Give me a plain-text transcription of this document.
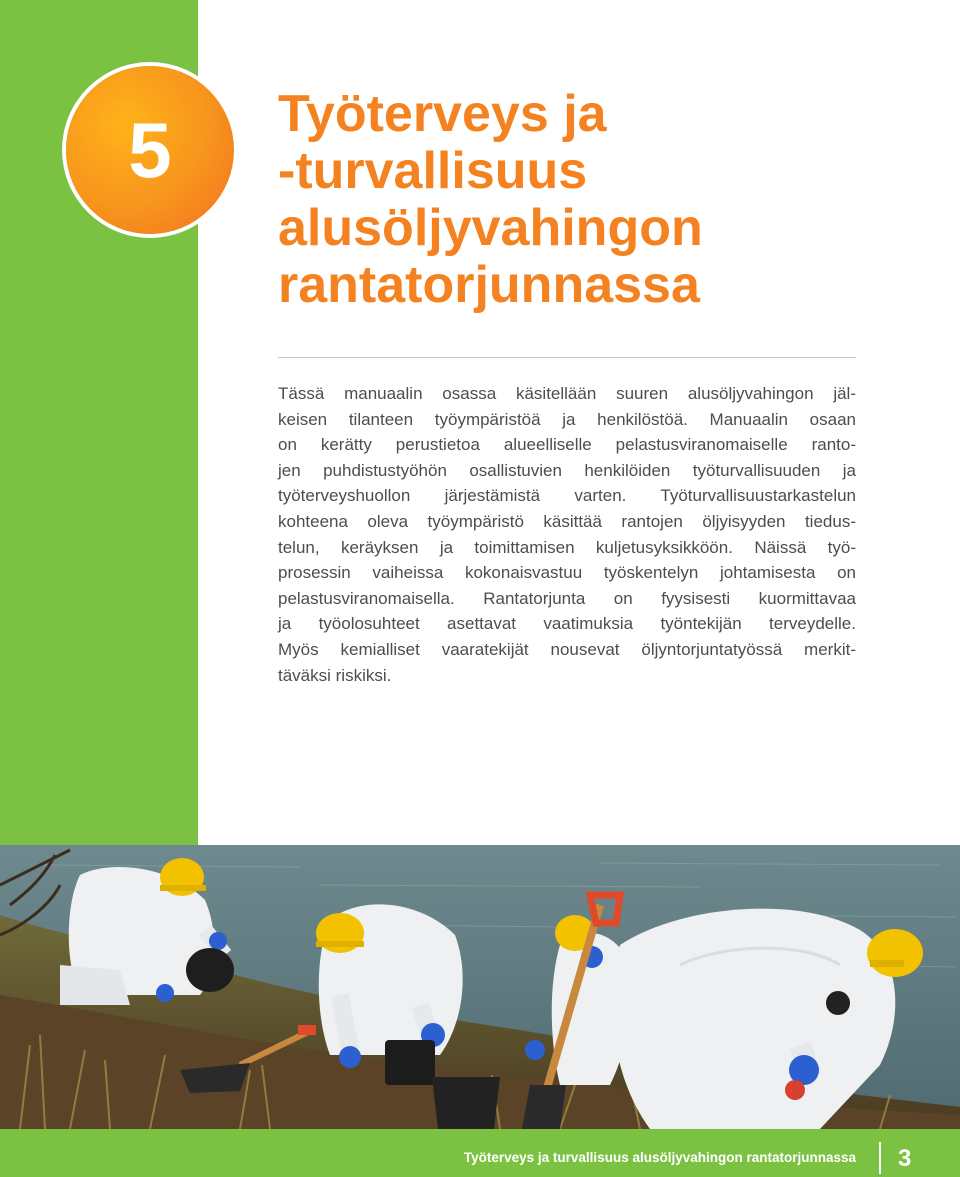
5 Työterveys ja
-turvallisuus
alusöljyvahingon
rantatorjunnassa
Tässä manuaalin osassa käsitellään suuren alusöljyvahingon jäl-
keisen tilanteen työympäristöä ja henkilöstöä. Manuaalin osaan
on kerätty perustietoa alueelliselle pelastusviranomaiselle ranto-
jen puhdistustyöhön osallistuvien henkilöiden työturvallisuuden ja
työterveyshuollon järjestämistä varten. Työturvallisuustarkastelun
kohteena oleva työympäristö käsittää rantojen öljyisyyden tiedus-
telun, keräyksen ja toimittamisen kuljetusyksikköön. Näissä työ-
prosessin vaiheissa kokonaisvastuu työskentelyn johtamisesta on
pelastusviranomaisella. Rantatorjunta on fyysisesti kuormittavaa
ja työolosuhteet asettavat vaatimuksia työntekijän terveydelle.
Myös kemialliset vaaratekijät nousevat öljyntorjuntatyössä merkit-
täväksi riskiksi.
Työterveys ja turvallisuus alusöljyvahingon rantatorjunnassa 3
